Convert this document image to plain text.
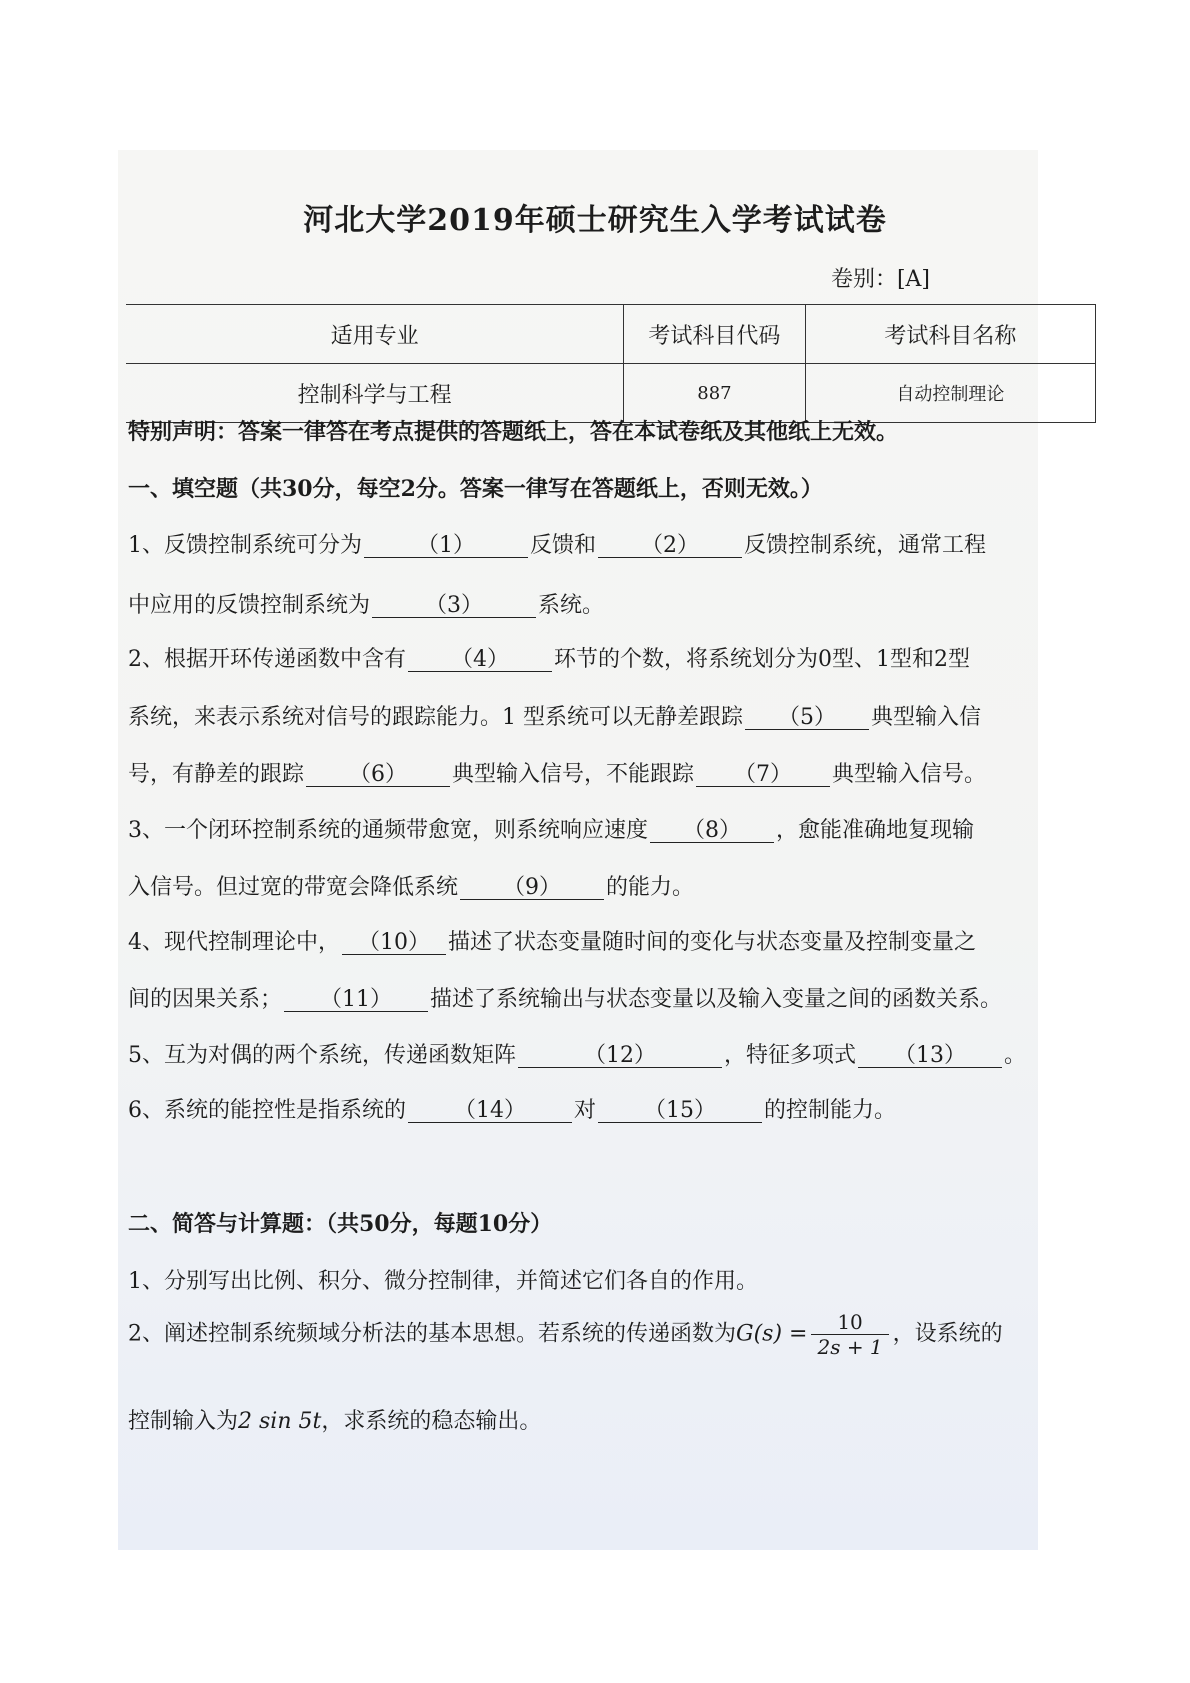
河北大学2019年硕士研究生入学考试试卷
卷别：[A]
适用专业	考试科目代码	考试科目名称
控制科学与工程	887	自动控制理论
特别声明：答案一律答在考点提供的答题纸上，答在本试卷纸及其他纸上无效。
一、填空题（共30分，每空2分。答案一律写在答题纸上，否则无效。）
1、反馈控制系统可分为	（1）	反馈和 （2） 反馈控制系统，通常工程
中应用的反馈控制系统为	（3）	系统。
2、根据开环传递函数中含有 （4） 环节的个数，将系统划分为0型、1型和2型
系统，来表示系统对信号的跟踪能力。1 型系统可以无静差跟踪 （5） 典型输入信
号，有静差的跟踪 （6） 典型输入信号，不能跟踪 （7） 典型输入信号。
3、一个闭环控制系统的通频带愈宽，则系统响应速度 （8） ，愈能准确地复现输
入信号。但过宽的带宽会降低系统 （9） 的能力。
4、现代控制理论中， （10） 描述了状态变量随时间的变化与状态变量及控制变量之
间的因果关系； （11） 描述了系统输出与状态变量以及输入变量之间的函数关系。
5、互为对偶的两个系统，传递函数矩阵	（12）	，特征多项式 （13） 。
6、系统的能控性是指系统的 （14） 对 （15） 的控制能力。
二、简答与计算题：（共50分，每题10分）
1、分别写出比例、积分、微分控制律，并简述它们各自的作用。
2、阐述控制系统频域分析法的基本思想。若系统的传递函数为$G(s) = \frac{10}{2s + 1}$ ，设系统的
控制输入为2 sin 5t，求系统的稳态输出。
